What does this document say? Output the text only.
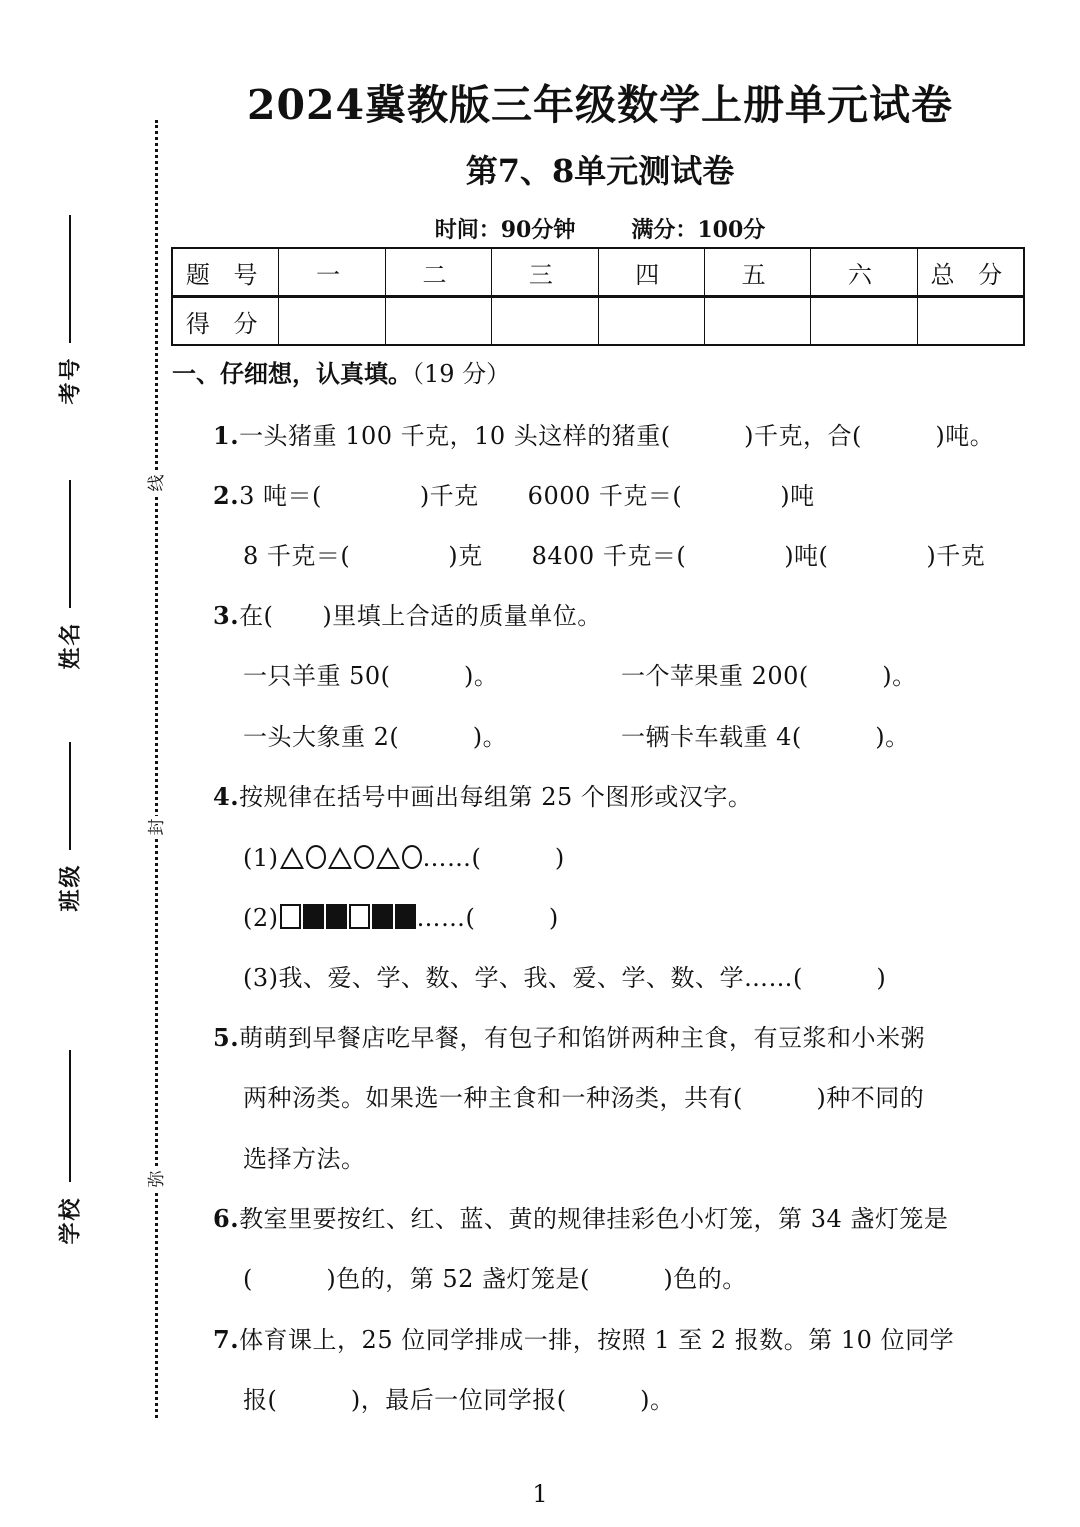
线
封
弥
考号
姓名
班级
学校
2024冀教版三年级数学上册单元试卷
第7、8单元测试卷
时间：90分钟	满分：100分
题 号	一	二	三	四	五	六	总 分
得 分							
一、仔细想，认真填。（19 分）
1.一头猪重 100 千克，10 头这样的猪重(　　　)千克，合(　　　)吨。
2.3 吨＝(　　　　)千克　　6000 千克＝(　　　　)吨
8 千克＝(　　　　)克　　8400 千克＝(　　　　)吨(　　　　)千克
3.在(　　)里填上合适的质量单位。
一只羊重 50(　　　)。	一个苹果重 200(　　　)。
一头大象重 2(　　　)。	一辆卡车载重 4(　　　)。
4.按规律在括号中画出每组第 25 个图形或汉字。
(1)	……(　　　)
(2)	……(　　　)
(3)我、爱、学、数、学、我、爱、学、数、学……(　　　)
5.萌萌到早餐店吃早餐，有包子和馅饼两种主食，有豆浆和小米粥
两种汤类。如果选一种主食和一种汤类，共有(　　　)种不同的
选择方法。
6.教室里要按红、红、蓝、黄的规律挂彩色小灯笼，第 34 盏灯笼是
(　　　)色的，第 52 盏灯笼是(　　　)色的。
7.体育课上，25 位同学排成一排，按照 1 至 2 报数。第 10 位同学
报(　　　)，最后一位同学报(　　　)。
1
